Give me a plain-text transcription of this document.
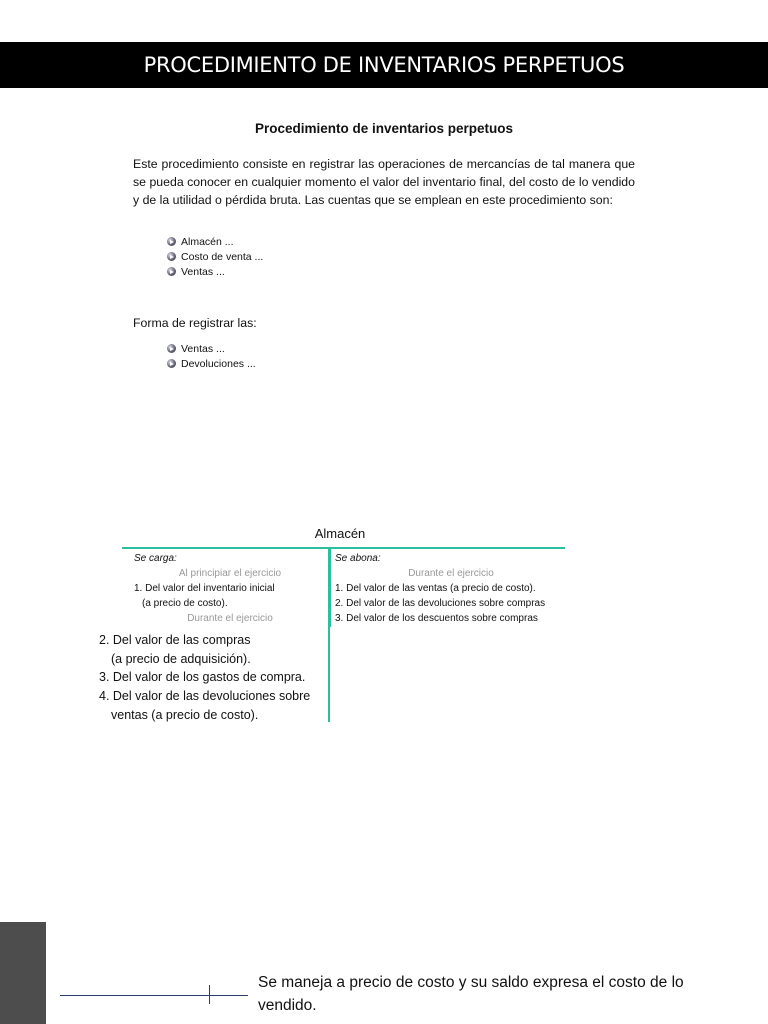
PROCEDIMIENTO DE INVENTARIOS PERPETUOS
Procedimiento de inventarios perpetuos
Este procedimiento consiste en registrar las operaciones de mercancías de tal manera que se pueda conocer en cualquier momento el valor del inventario final, del costo de lo vendido y de la utilidad o pérdida bruta. Las cuentas que se emplean en este procedimiento son:
Almacén ...
Costo de venta ...
Ventas ...
Forma de registrar las:
Ventas ...
Devoluciones ...
Almacén
Se carga:
Al principiar el ejercicio
1. Del valor del inventario inicial
(a precio de costo).
Durante el ejercicio
Se abona:
Durante el ejercicio
1. Del valor de las ventas (a precio de costo).
2. Del valor de las devoluciones sobre compras
3. Del valor de los descuentos sobre compras
2. Del valor de las compras
(a precio de adquisición).
3. Del valor de los gastos de compra.
4. Del valor de las devoluciones sobre
ventas (a precio de costo).
Se maneja a precio de costo y su saldo expresa el costo de lo vendido.
